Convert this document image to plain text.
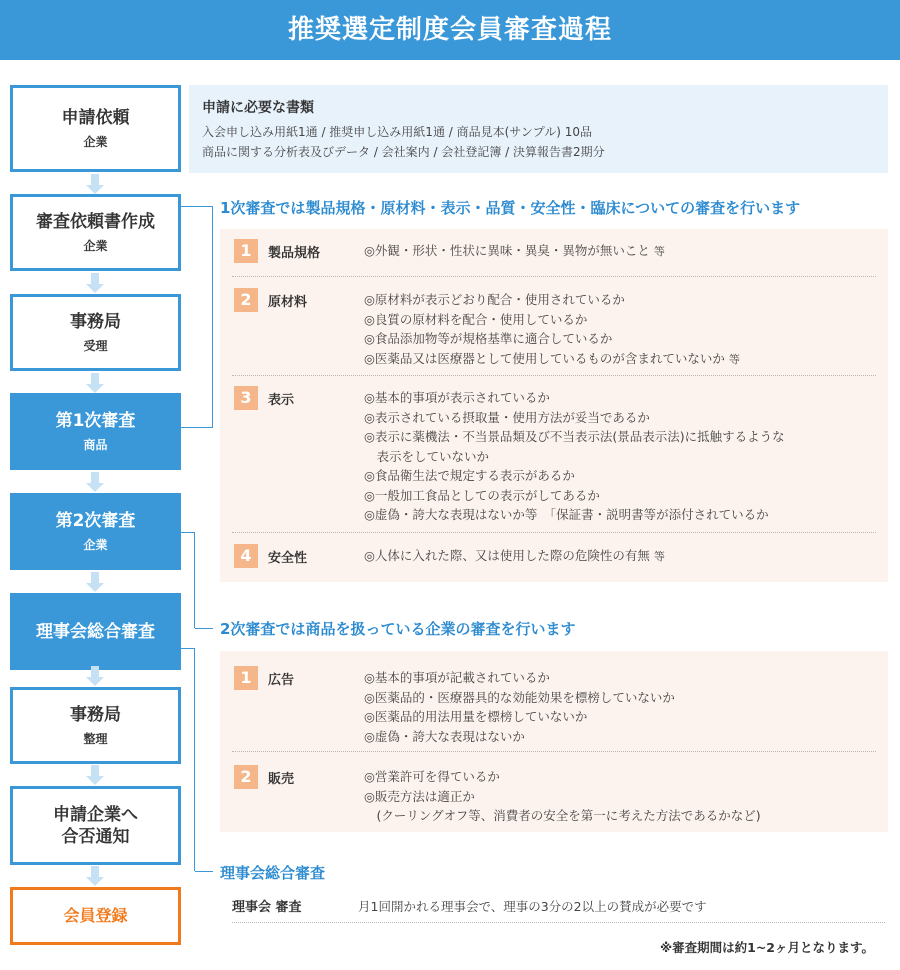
推奨選定制度会員審査過程
申請依頼
企業
審査依頼書作成
企業
事務局
受理
第1次審査
商品
第2次審査
企業
理事会総合審査
事務局
整理
申請企業へ
合否通知
会員登録
申請に必要な書類
入会申し込み用紙1通 / 推奨申し込み用紙1通 / 商品見本(サンプル) 10品
商品に関する分析表及びデータ / 会社案内 / 会社登記簿 / 決算報告書2期分
1次審査では製品規格・原材料・表示・品質・安全性・臨床についての審査を行います
1	製品規格	◎外観・形状・性状に異味・異臭・異物が無いこと 等
2	原材料	◎原材料が表示どおり配合・使用されているか
◎良質の原材料を配合・使用しているか
◎食品添加物等が規格基準に適合しているか
◎医薬品又は医療器として使用しているものが含まれていないか 等
3	表示	◎基本的事項が表示されているか
◎表示されている摂取量・使用方法が妥当であるか
◎表示に薬機法・不当景品類及び不当表示法(景品表示法)に抵触するような
　表示をしていないか
◎食品衛生法で規定する表示があるか
◎一般加工食品としての表示がしてあるか
◎虚偽・誇大な表現はないか等　「保証書・説明書等が添付されているか
4	安全性	◎人体に入れた際、又は使用した際の危険性の有無 等
2次審査では商品を扱っている企業の審査を行います
1	広告	◎基本的事項が記載されているか
◎医薬品的・医療器具的な効能効果を標榜していないか
◎医薬品的用法用量を標榜していないか
◎虚偽・誇大な表現はないか
2	販売	◎営業許可を得ているか
◎販売方法は適正か
　(クーリングオフ等、消費者の安全を第一に考えた方法であるかなど)
理事会総合審査
理事会 審査	月1回開かれる理事会で、理事の3分の2以上の賛成が必要です
※審査期間は約1~2ヶ月となります。
